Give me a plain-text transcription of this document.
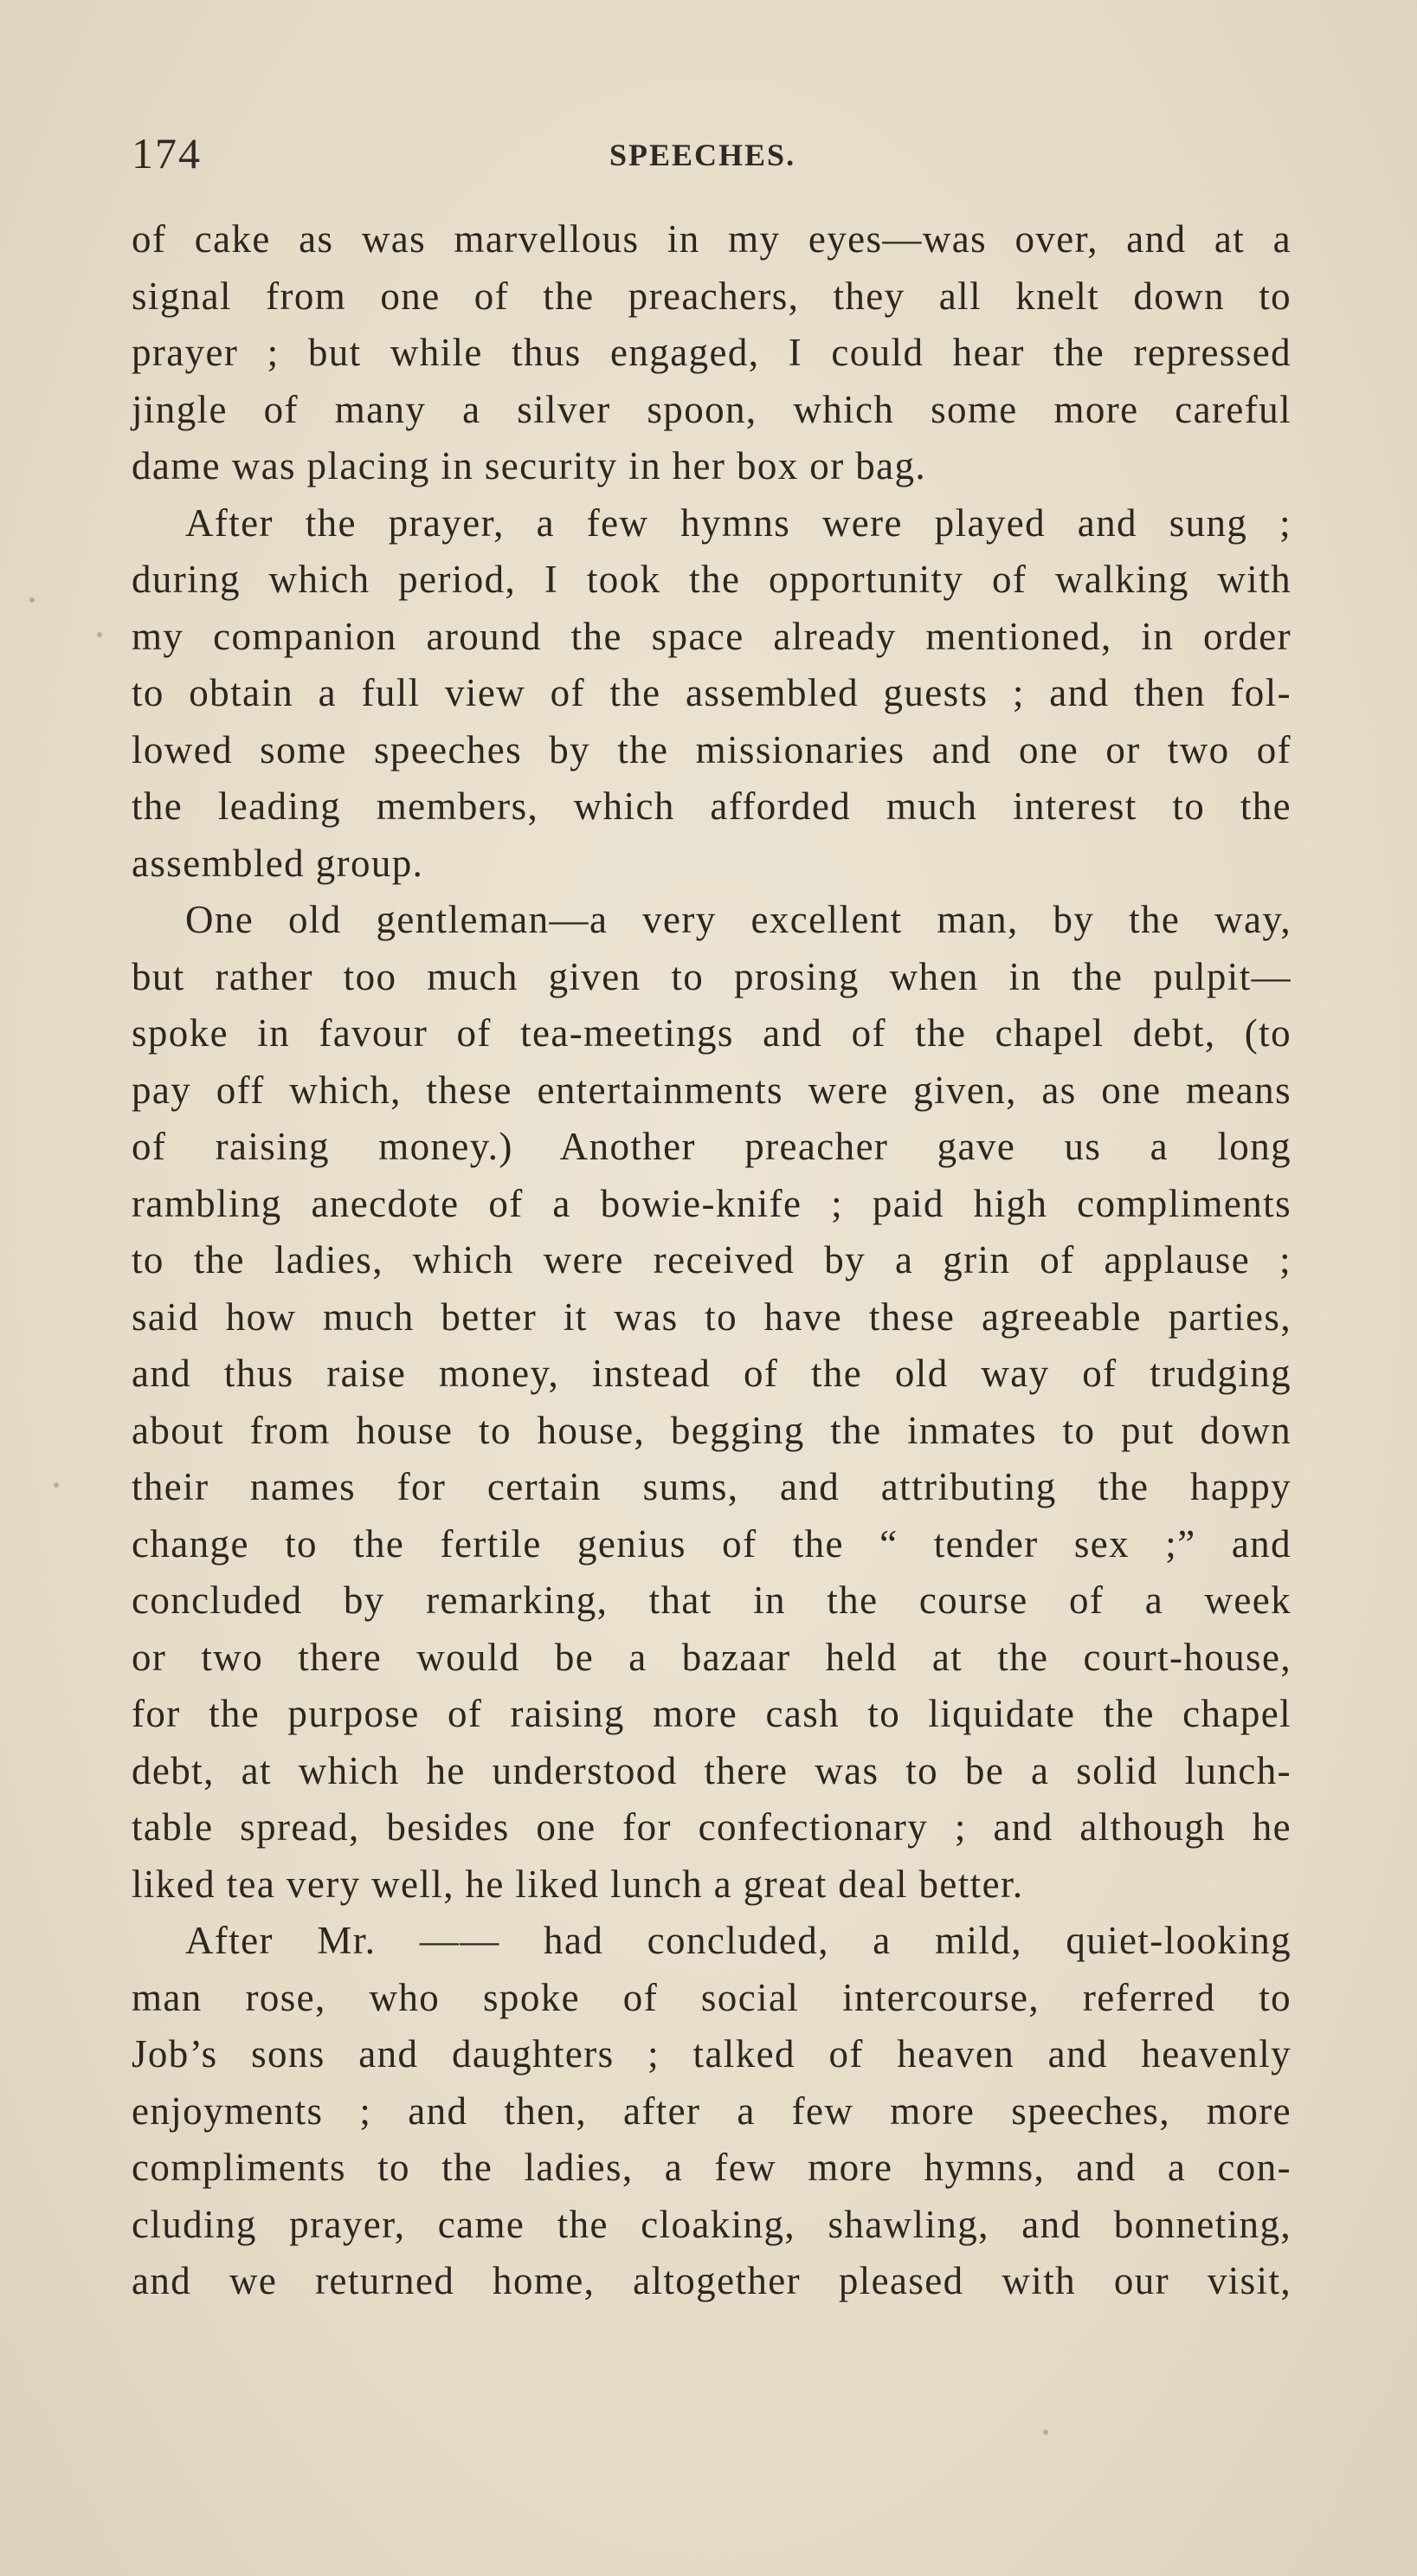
174	SPEECHES.
of cake as was marvellous in my eyes—was over, and at a
signal from one of the preachers, they all knelt down to
prayer ; but while thus engaged, I could hear the repressed
jingle of many a silver spoon, which some more careful
dame was placing in security in her box or bag.
After the prayer, a few hymns were played and sung ;
during which period, I took the opportunity of walking with
my companion around the space already mentioned, in order
to obtain a full view of the assembled guests ; and then fol-
lowed some speeches by the missionaries and one or two of
the leading members, which afforded much interest to the
assembled group.
One old gentleman—a very excellent man, by the way,
but rather too much given to prosing when in the pulpit—
spoke in favour of tea-meetings and of the chapel debt, (to
pay off which, these entertainments were given, as one means
of raising money.) Another preacher gave us a long
rambling anecdote of a bowie-knife ; paid high compliments
to the ladies, which were received by a grin of applause ;
said how much better it was to have these agreeable parties,
and thus raise money, instead of the old way of trudging
about from house to house, begging the inmates to put down
their names for certain sums, and attributing the happy
change to the fertile genius of the “ tender sex ;” and
concluded by remarking, that in the course of a week
or two there would be a bazaar held at the court-house,
for the purpose of raising more cash to liquidate the chapel
debt, at which he understood there was to be a solid lunch-
table spread, besides one for confectionary ; and although he
liked tea very well, he liked lunch a great deal better.
After Mr. —— had concluded, a mild, quiet-looking
man rose, who spoke of social intercourse, referred to
Job’s sons and daughters ; talked of heaven and heavenly
enjoyments ; and then, after a few more speeches, more
compliments to the ladies, a few more hymns, and a con-
cluding prayer, came the cloaking, shawling, and bonneting,
and we returned home, altogether pleased with our visit,
